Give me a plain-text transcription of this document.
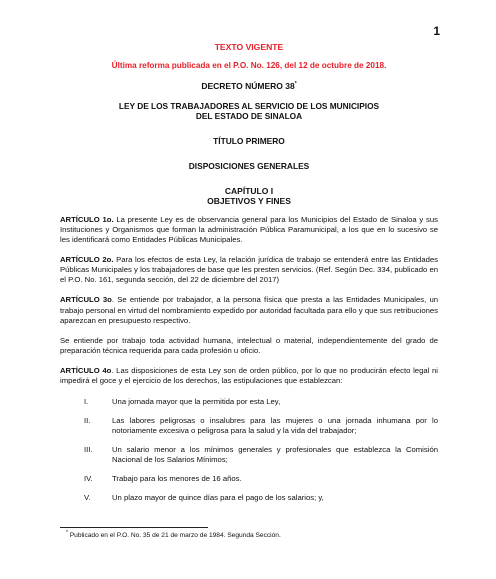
1
TEXTO VIGENTE
Última reforma publicada en el P.O. No. 126, del 12 de octubre de 2018.
DECRETO NÚMERO 38*
LEY DE LOS TRABAJADORES AL SERVICIO DE LOS MUNICIPIOS
DEL ESTADO DE SINALOA
TÍTULO PRIMERO
DISPOSICIONES GENERALES
CAPÍTULO I
OBJETIVOS Y FINES

ARTÍCULO 1o. La presente Ley es de observancia general para los Municipios del Estado de Sinaloa y sus Instituciones y Organismos que forman la administración Pública Paramunicipal, a los que en lo sucesivo se les identificará como Entidades Públicas Municipales.

ARTÍCULO 2o. Para los efectos de esta Ley, la relación jurídica de trabajo se entenderá entre las Entidades Públicas Municipales y los trabajadores de base que les presten servicios. (Ref. Según Dec. 334, publicado en el P.O. No. 161, segunda sección, del 22 de diciembre del 2017)

ARTÍCULO 3o. Se entiende por trabajador, a la persona física que presta a las Entidades Municipales, un trabajo personal en virtud del nombramiento expedido por autoridad facultada para ello y que sus retribuciones aparezcan en presupuesto respectivo.

Se entiende por trabajo toda actividad humana, intelectual o material, independientemente del grado de preparación técnica requerida para cada profesión u oficio.

ARTÍCULO 4o. Las disposiciones de esta Ley son de orden público, por lo que no producirán efecto legal ni impedirá el goce y el ejercicio de los derechos, las estipulaciones que establezcan:

I.	Una jornada mayor que la permitida por esta Ley,
II.	Las labores peligrosas o insalubres para las mujeres o una jornada inhumana por lo notoriamente excesiva o peligrosa para la salud y la vida del trabajador;
III.	Un salario menor a los mínimos generales y profesionales que establezca la Comisión Nacional de los Salarios Mínimos;
IV.	Trabajo para los menores de 16 años.
V.	Un plazo mayor de quince días para el pago de los salarios; y,
* Publicado en el P.O. No. 35 de 21 de marzo de 1984. Segunda Sección.
